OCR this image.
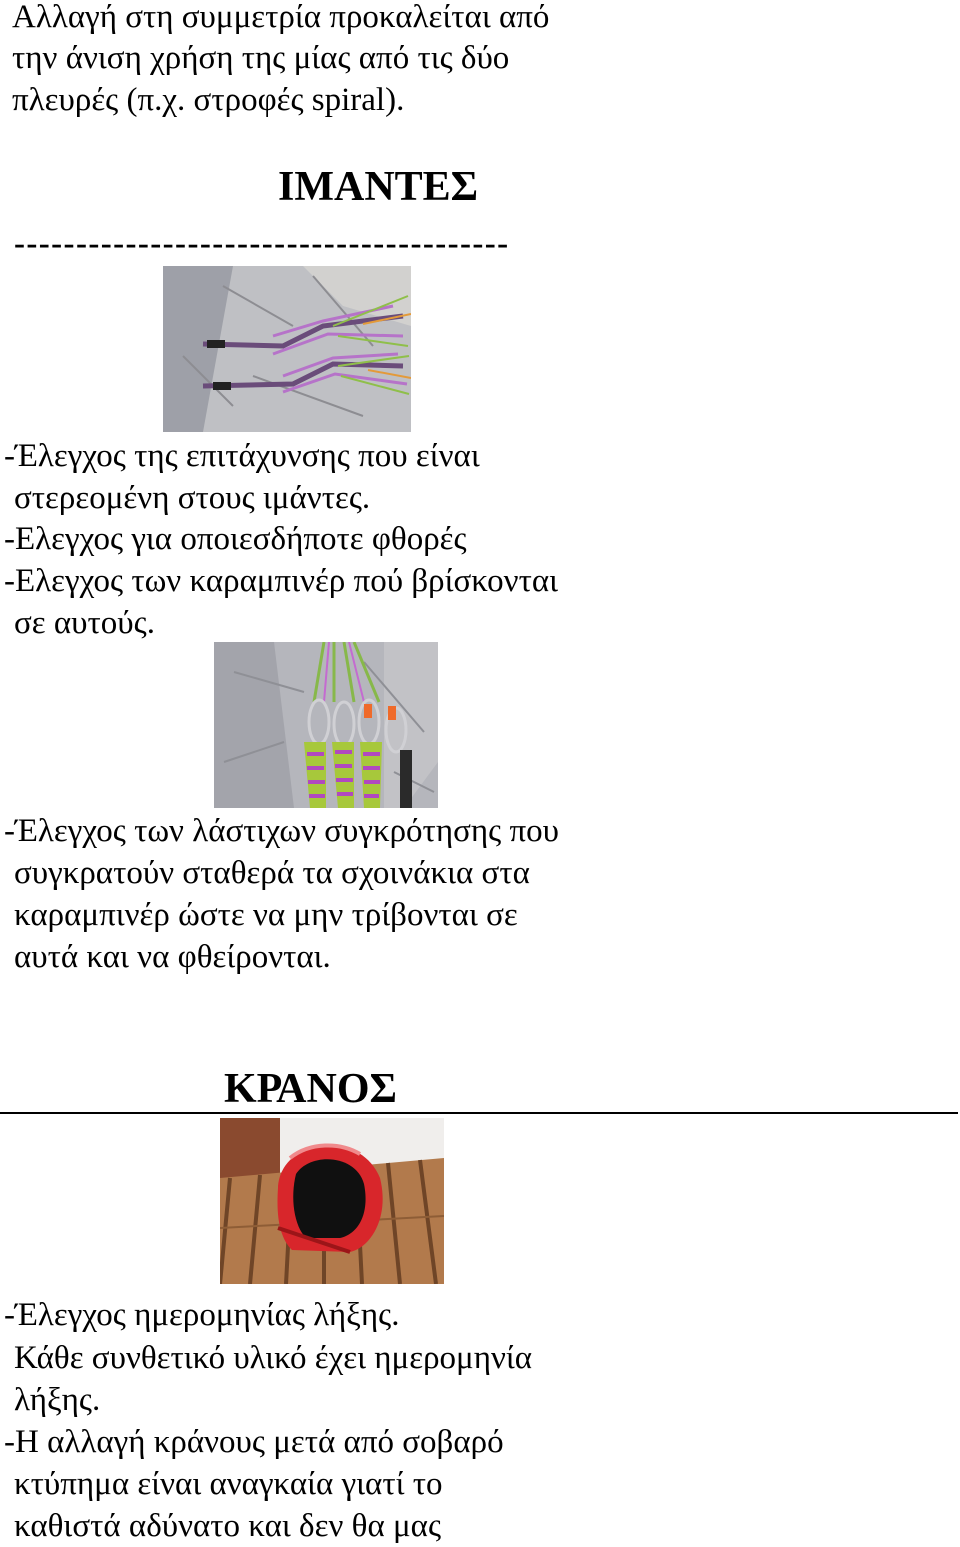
Αλλαγή στη συμμετρία προκαλείται από
την άνιση χρήση της μίας από τις δύο
πλευρές (π.χ. στροφές spiral).
ΙΜΑΝΤΕΣ
----------------------------------------
-Έλεγχος της επιτάχυνσης που είναι
στερεομένη στους ιμάντες.
-Ελεγχος για οποιεσδήποτε φθορές
-Ελεγχος των καραμπινέρ πού βρίσκονται
σε αυτούς.
-Έλεγχος των λάστιχων συγκρότησης που
συγκρατούν σταθερά τα σχοινάκια στα
καραμπινέρ ώστε να μην τρίβονται σε
αυτά και να φθείρονται.
ΚΡΑΝΟΣ
-Έλεγχος ημερομηνίας λήξης.
Κάθε συνθετικό υλικό έχει ημερομηνία
λήξης.
-Η αλλαγή κράνους μετά από σοβαρό
κτύπημα είναι αναγκαία γιατί το
καθιστά αδύνατο και δεν θα μας
